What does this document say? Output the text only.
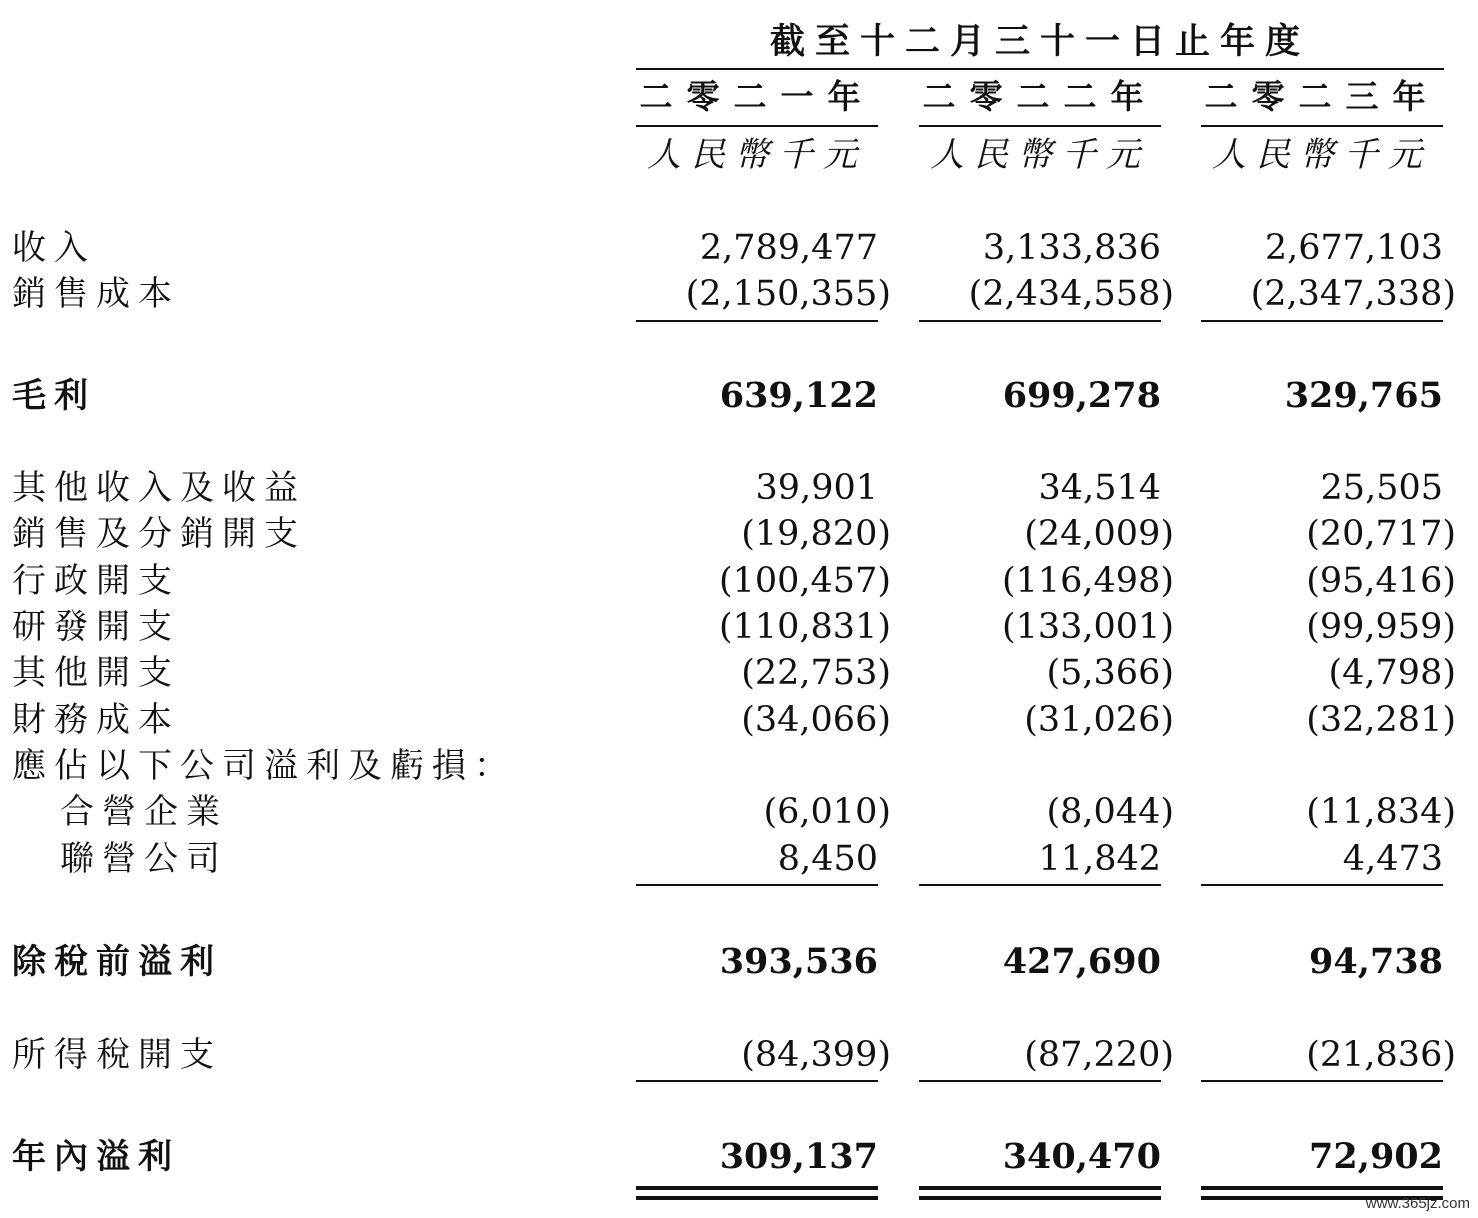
截至十二月三十一日止年度
二零二一年 二零二二年 二零二三年
人民幣千元	人民幣千元	人民幣千元
收入	2,789,477	3,133,836	2,677,103
銷售成本	(2,150,355)	(2,434,558)	(2,347,338)
毛利	639,122	699,278	329,765
其他收入及收益	39,901	34,514	25,505
銷售及分銷開支	(19,820)	(24,009)	(20,717)
行政開支	(100,457)	(116,498)	(95,416)
研發開支	(110,831)	(133,001)	(99,959)
其他開支	(22,753)	(5,366)	(4,798)
財務成本	(34,066)	(31,026)	(32,281)
應佔以下公司溢利及虧損：
合營企業	(6,010)	(8,044)	(11,834)
聯營公司	8,450	11,842	4,473
除稅前溢利	393,536	427,690	94,738
所得稅開支	(84,399)	(87,220)	(21,836)
年內溢利	309,137	340,470	72,902
www.365jz.com
